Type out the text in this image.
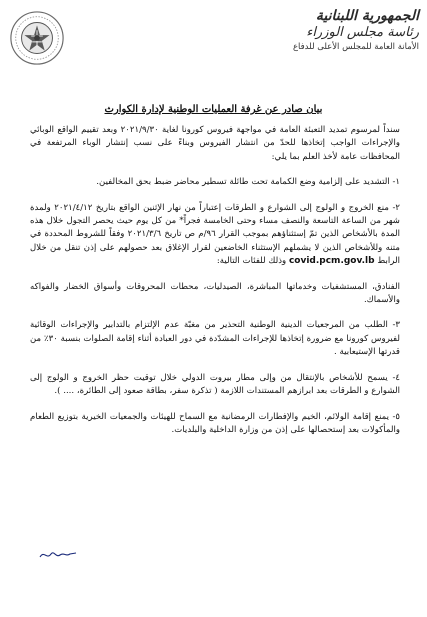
الجمهورية اللبنانية
رئاسة مجلس الوزراء
الأمانة العامة للمجلس الأعلى للدفاع
بيان صادر عن غرفة العمليات الوطنية لإدارة الكوارث

سنداً لمرسوم تمديد التعبئة العامة في مواجهة فيروس كورونا لغاية ٢٠٢١/٩/٣٠ وبعد تقييم الواقع الوبائي والإجراءات الواجب إتخاذها للحدّ من انتشار الفيروس وبناءً على نسب إنتشار الوباء المرتفعة في المحافظات عامة لأخذ العلم بما يلي:

١- التشديد على إلزامية وضع الكمامة تحت طائلة تسطير محاضر ضبط بحق المخالفين.

٢- منع الخروج و الولوج إلى الشوارع و الطرقات إعتباراً من نهار الإثنين الواقع بتاريخ ٢٠٢١/٤/١٢ ولمدة شهر من الساعة التاسعة والنصف مساء وحتى الخامسة فجراً* من كل يوم حيث يحصر التجول خلال هذه المدة بالأشخاص الذين تمّ إستثناؤهم بموجب القرار ٩٦/م ص تاريخ ٢٠٢١/٣/٦ وفقاً للشروط المحددة في متنه وللأشخاص الذين لا يشملهم الإستثناء الخاضعين لقرار الإغلاق بعد حصولهم على إذن تنقل من خلال الرابط covid.pcm.gov.lb وذلك للفئات التالية:

الفنادق، المستشفيات وخدماتها المباشرة، الصيدليات، محطات المحروقات وأسواق الخضار والفواكه والأسماك.

٣- الطلب من المرجعيات الدينية الوطنية التحذير من مغبّة عدم الإلتزام بالتدابير والإجراءات الوقائية لفيروس كورونا مع ضرورة إتخاذها للإجراءات المشدّدة في دور العبادة أثناء إقامة الصلوات بنسبة ٣٠٪ من قدرتها الإستيعابية .

٤- يسمح للأشخاص بالإنتقال من وإلى مطار بيروت الدولي خلال توقيت حظر الخروج و الولوج إلى الشوارع و الطرقات بعد ابرازهم المستندات اللازمة ( تذكرة سفر، بطاقة صعود إلى الطائرة، .... ).

٥- يمنع إقامة الولائم، الخيم والإفطارات الرمضانية مع السماح للهيئات والجمعيات الخيرية بتوزيع الطعام والمأكولات بعد إستحصالها على إذن من وزارة الداخلية والبلديات.
